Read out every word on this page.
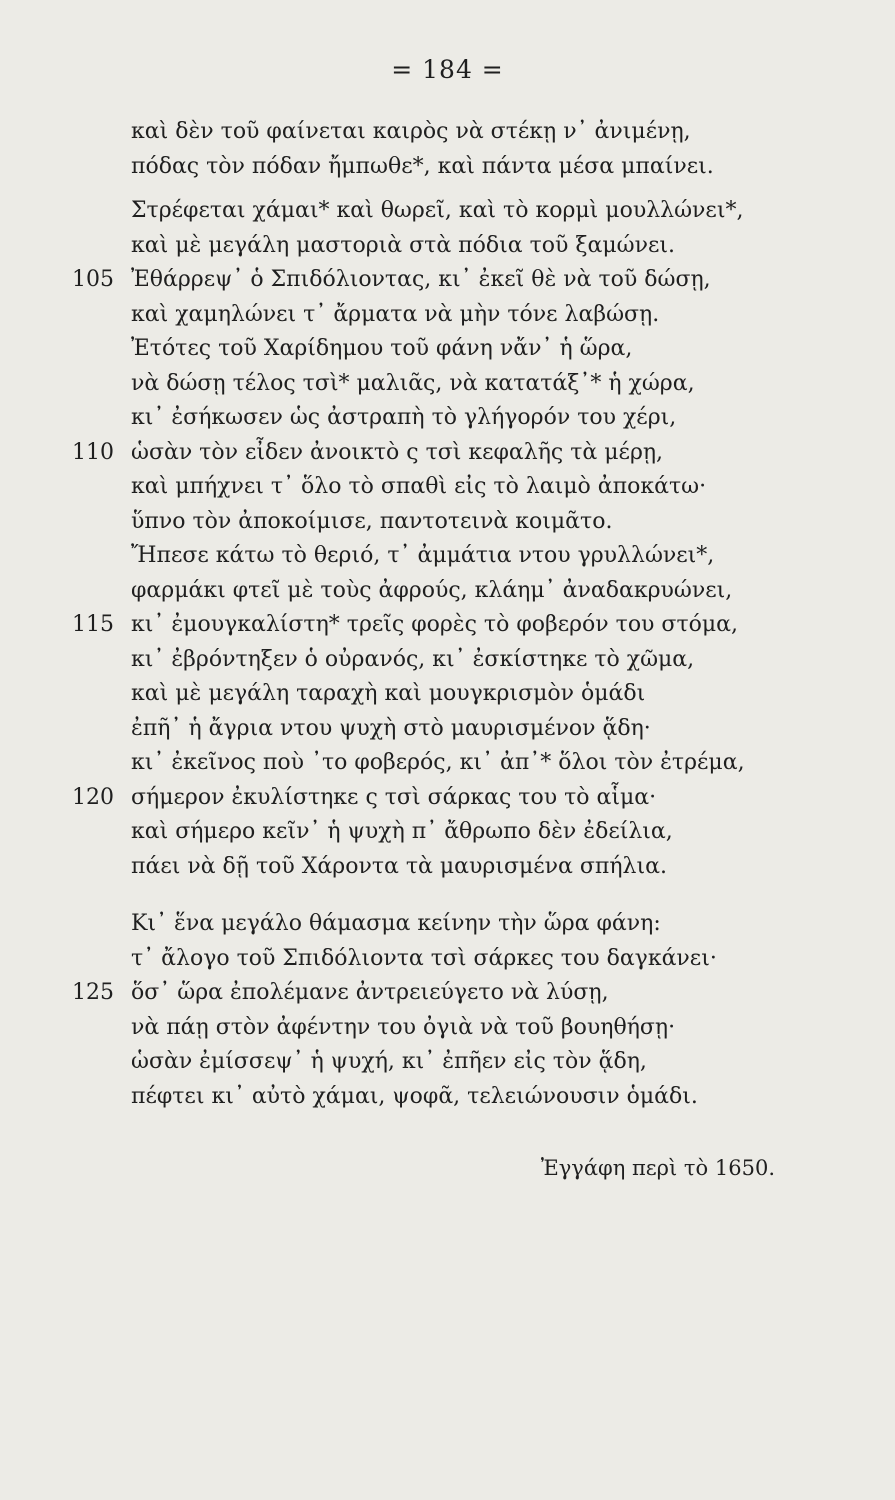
= 184 =
καὶ δὲν τοῦ φαίνεται καιρὸς νὰ στέκῃ ν᾽ ἀνιμένῃ,
πόδας τὸν πόδαν ἤμπωθε*, καὶ πάντα μέσα μπαίνει.
Στρέφεται χάμαι* καὶ θωρεῖ, καὶ τὸ κορμὶ μουλλώνει*,
καὶ μὲ μεγάλη μαστοριὰ στὰ πόδια τοῦ ξαμώνει.
105 Ἐθάρρεψ᾽ ὁ Σπιδόλιοντας, κι᾽ ἐκεῖ θὲ νὰ τοῦ δώσῃ,
καὶ χαμηλώνει τ᾽ ἄρματα νὰ μὴν τόνε λαβώσῃ.
Ἐτότες τοῦ Χαρίδημου τοῦ φάνη νἄν᾽ ἡ ὥρα,
νὰ δώσῃ τέλος τσὶ* μαλιᾶς, νὰ κατατάξ᾽* ἡ χώρα,
κι᾽ ἐσήκωσεν ὡς ἀστραπὴ τὸ γλήγορόν του χέρι,
110 ὡσὰν τὸν εἶδεν ἀνοικτὸ ς τσὶ κεφαλῆς τὰ μέρῃ,
καὶ μπήχνει τ᾽ ὅλο τὸ σπαθὶ εἰς τὸ λαιμὸ ἀποκάτω·
ὕπνο τὸν ἀποκοίμισε, παντοτεινὰ κοιμᾶτο.
Ἤπεσε κάτω τὸ θεριό, τ᾽ ἀμμάτια ντου γρυλλώνει*,
φαρμάκι φτεῖ μὲ τοὺς ἀφρούς, κλάημ᾽ ἀναδακρυώνει,
115 κι᾽ ἐμουγκαλίστη* τρεῖς φορὲς τὸ φοβερόν του στόμα,
κι᾽ ἐβρόντηξεν ὁ οὐρανός, κι᾽ ἐσκίστηκε τὸ χῶμα,
καὶ μὲ μεγάλη ταραχὴ καὶ μουγκρισμὸν ὁμάδι
ἐπῆ᾽ ἡ ἄγρια ντου ψυχὴ στὸ μαυρισμένον ᾅδη·
κι᾽ ἐκεῖνος ποὺ ᾽το φοβερός, κι᾽ ἀπ᾽* ὅλοι τὸν ἐτρέμα,
120 σήμερον ἐκυλίστηκε ς τσὶ σάρκας του τὸ αἷμα·
καὶ σήμερο κεῖν᾽ ἡ ψυχὴ π᾽ ἄθρωπο δὲν ἐδείλια,
πάει νὰ δῇ τοῦ Χάροντα τὰ μαυρισμένα σπήλια.
Κι᾽ ἕνα μεγάλο θάμασμα κείνην τὴν ὥρα φάνη:
τ᾽ ἄλογο τοῦ Σπιδόλιοντα τσὶ σάρκες του δαγκάνει·
125 ὅσ᾽ ὥρα ἐπολέμανε ἀντρειεύγετο νὰ λύσῃ,
νὰ πάῃ στὸν ἀφέντην του ὀγιὰ νὰ τοῦ βουηθήσῃ·
ὡσὰν ἐμίσσεψ᾽ ἡ ψυχή, κι᾽ ἐπῆεν εἰς τὸν ᾅδη,
πέφτει κι᾽ αὐτὸ χάμαι, ψοφᾶ, τελειώνουσιν ὁμάδι.
Ἐγγάφη περὶ τὸ 1650.
